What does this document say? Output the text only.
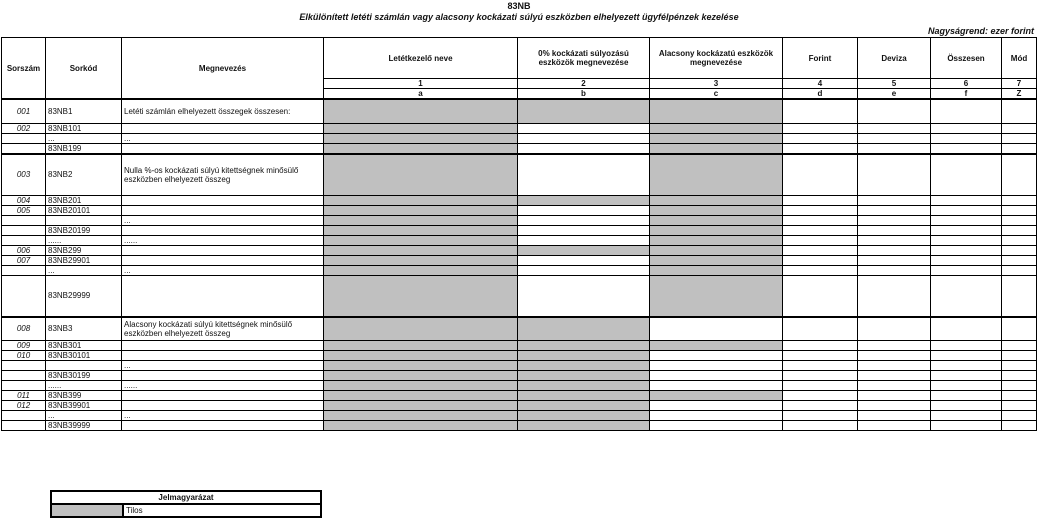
83NB
Elkülönített letéti számlán vagy alacsony kockázati súlyú eszközben elhelyezett ügyfélpénzek kezelése
Nagyságrend: ezer forint
Sorszám	Sorkód	Megnevezés	Letétkezelő neve	0% kockázati súlyozású eszközök megnevezése	Alacsony kockázatú eszközök megnevezése	Forint	Deviza	Összesen	Mód
			1	2	3	4	5	6	7
			a	b	c	d	e	f	Z
001	83NB1	Letéti számlán elhelyezett összegek összesen:							
002	83NB101								
	...	...							
	83NB199								
003	83NB2	Nulla %-os kockázati súlyú kitettségnek minősülő eszközben elhelyezett összeg							
004	83NB201								
005	83NB20101								
		...							
	83NB20199								
	......	......							
006	83NB299								
007	83NB29901								
	...	...							
	83NB29999								
008	83NB3	Alacsony kockázati súlyú kitettségnek minősülő eszközben elhelyezett összeg							
009	83NB301								
010	83NB30101								
		...							
	83NB30199								
	......	......							
011	83NB399								
012	83NB39901								
	...	...							
	83NB39999								
Jelmagyarázat
	Tilos
